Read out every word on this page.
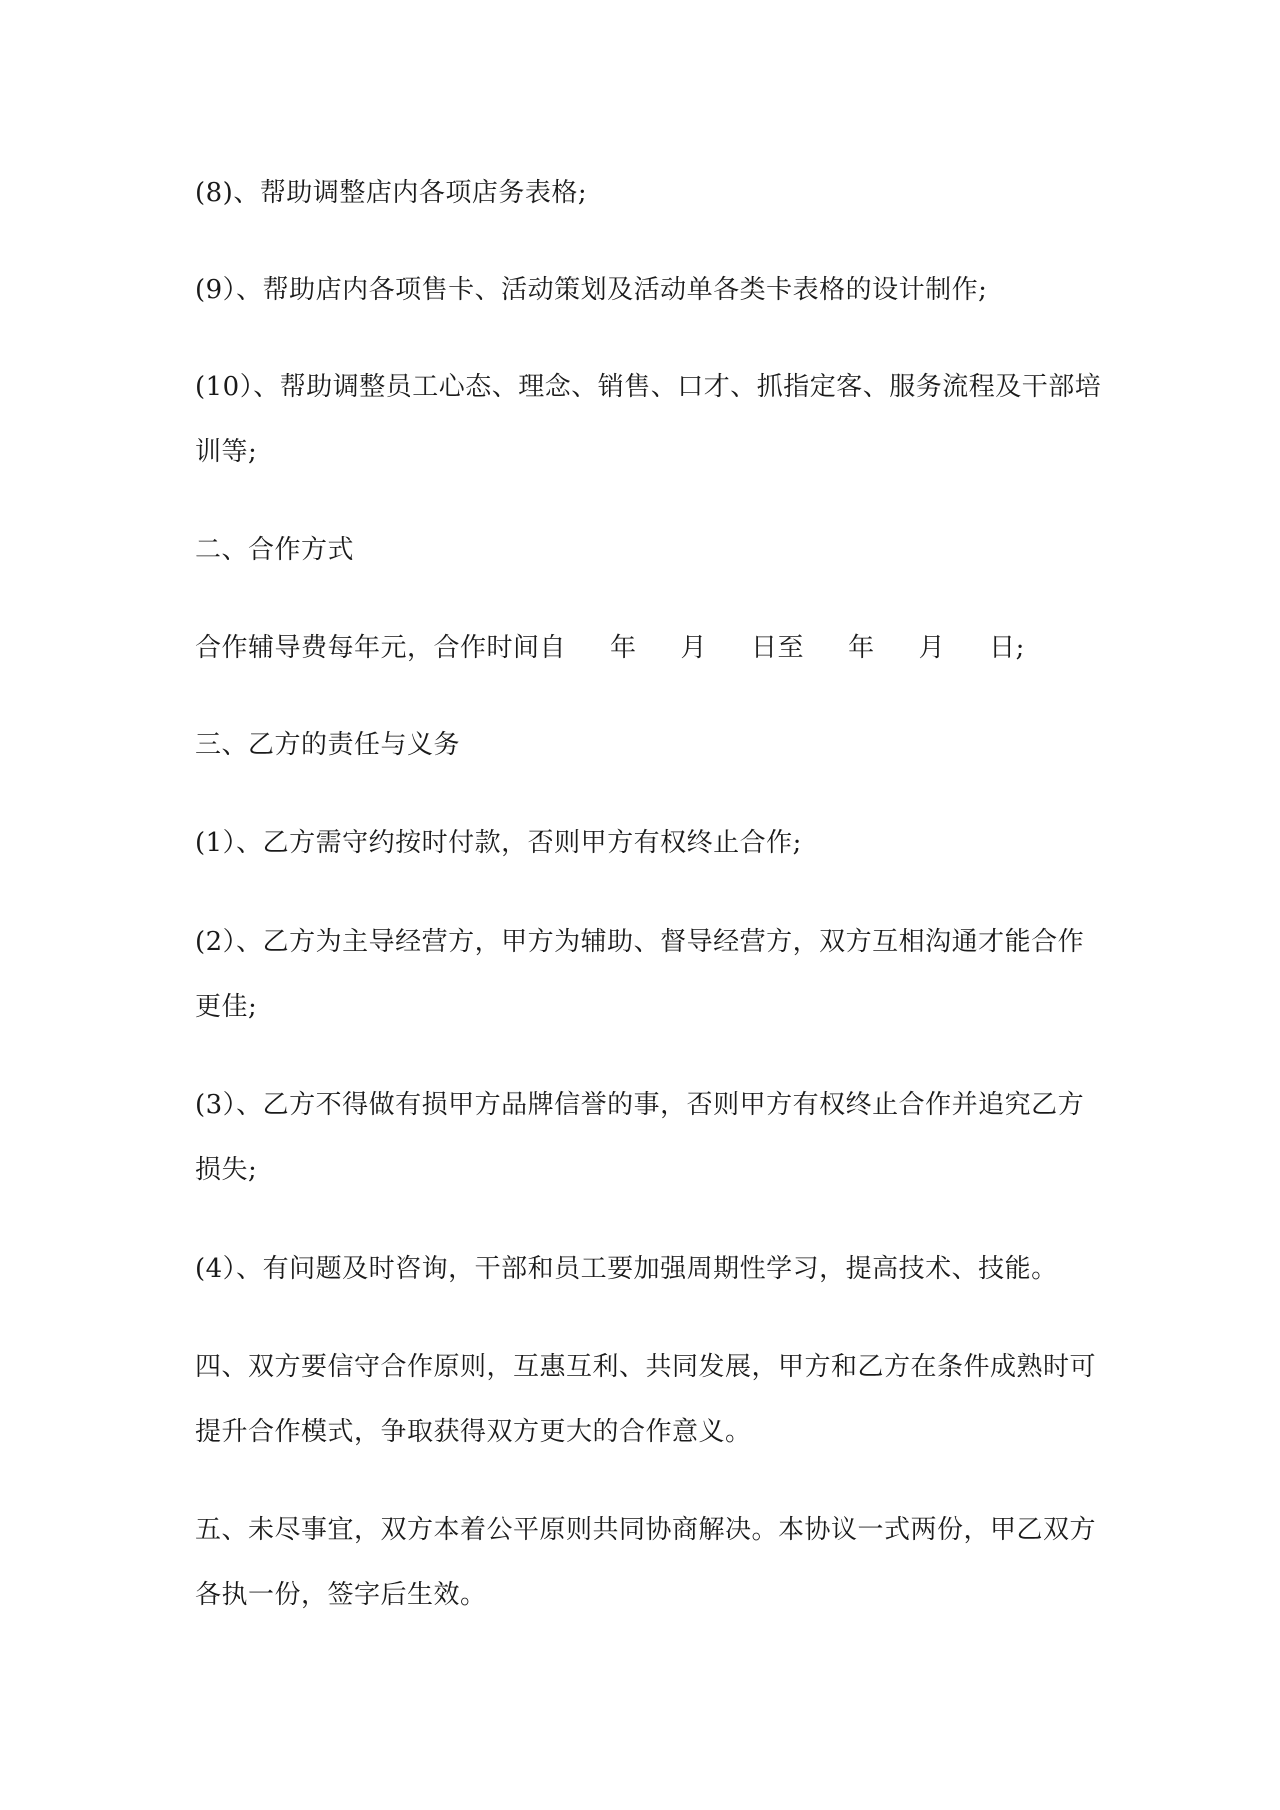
(8)、帮助调整店内各项店务表格;
(9）、帮助店内各项售卡、活动策划及活动单各类卡表格的设计制作;
(10）、帮助调整员工心态、理念、销售、口才、抓指定客、服务流程及干部培
训等;
二、合作方式
合作辅导费每年元，合作时间自 年 月 日至 年 月 日;
三、乙方的责任与义务
(1）、乙方需守约按时付款，否则甲方有权终止合作;
(2）、乙方为主导经营方，甲方为辅助、督导经营方，双方互相沟通才能合作
更佳;
(3）、乙方不得做有损甲方品牌信誉的事，否则甲方有权终止合作并追究乙方
损失;
(4）、有问题及时咨询，干部和员工要加强周期性学习，提高技术、技能。
四、双方要信守合作原则，互惠互利、共同发展，甲方和乙方在条件成熟时可
提升合作模式，争取获得双方更大的合作意义。
五、未尽事宜，双方本着公平原则共同协商解决。本协议一式两份，甲乙双方
各执一份，签字后生效。
